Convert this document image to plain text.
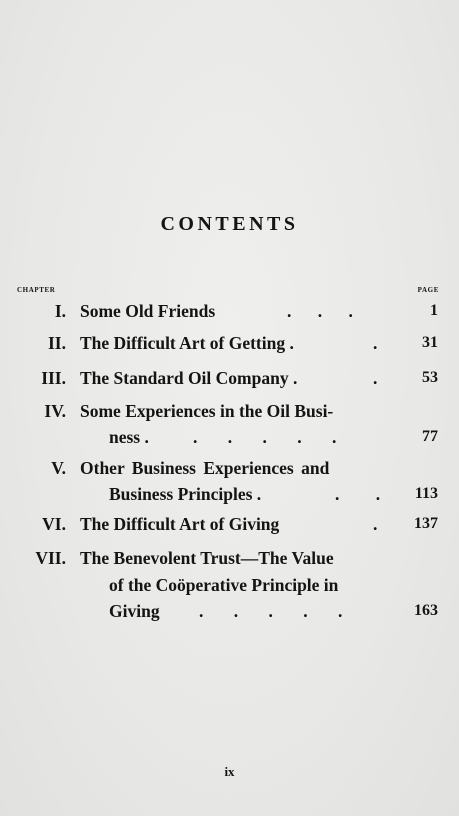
CONTENTS
CHAPTER	PAGE
I. Some Old Friends	. . .	1
II. The Difficult Art of Getting .	.	31
III. The Standard Oil Company .	.	53
IV. Some Experiences in the Oil Busi-
ness .	. . . . .	77
V. Other Business Experiences and
Business Principles .	. .	113
VI. The Difficult Art of Giving	.	137
VII. The Benevolent Trust—The Value
of the Coöperative Principle in
Giving . . . . .	163
ix
